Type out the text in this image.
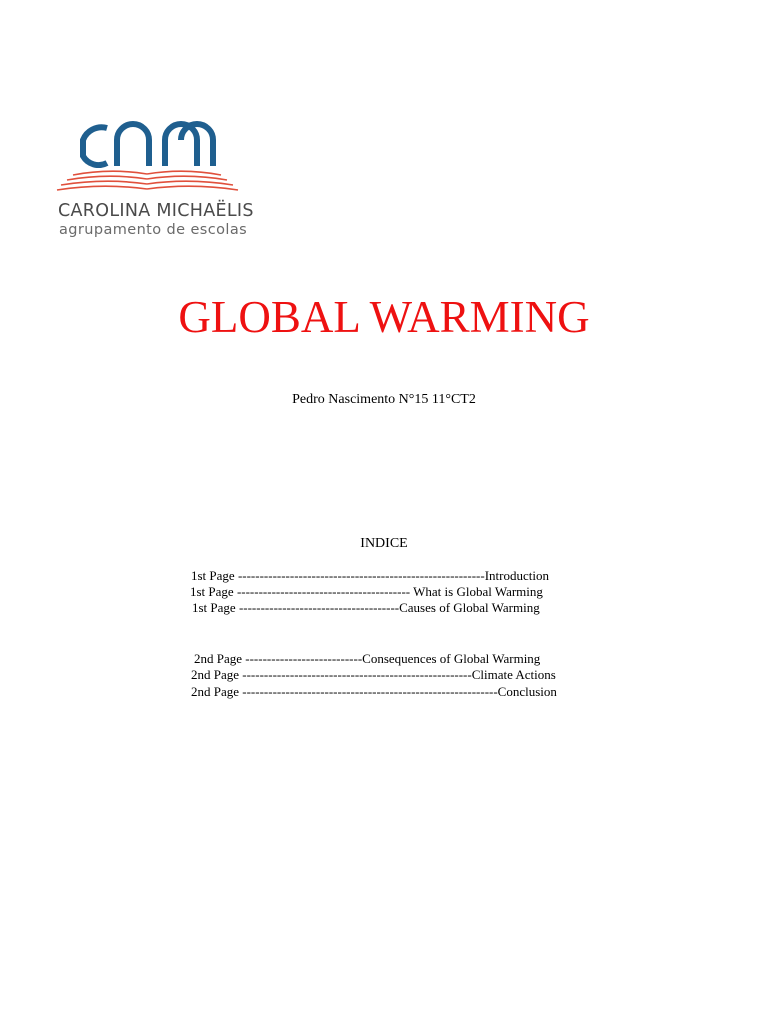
CAROLINA MICHAËLIS
agrupamento de escolas
GLOBAL WARMING
Pedro Nascimento N°15 11°CT2
INDICE
1st Page ---------------------------------------------------------Introduction
1st Page ---------------------------------------- What is Global Warming
1st Page -------------------------------------Causes of Global Warming
2nd Page ---------------------------Consequences of Global Warming
2nd Page -----------------------------------------------------Climate Actions
2nd Page -----------------------------------------------------------Conclusion
